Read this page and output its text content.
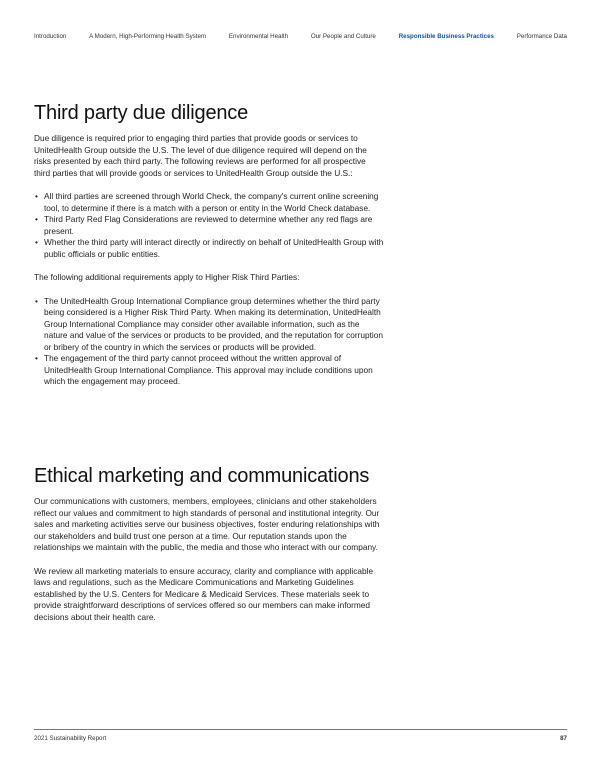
Introduction	A Modern, High-Performing Health System	Environmental Health	Our People and Culture	Responsible Business Practices	Performance Data
Third party due diligence

Due diligence is required prior to engaging third parties that provide goods or services to UnitedHealth Group outside the U.S. The level of due diligence required will depend on the risks presented by each third party. The following reviews are performed for all prospective third parties that will provide goods or services to UnitedHealth Group outside the U.S.:

• All third parties are screened through World Check, the company's current online screening tool, to determine if there is a match with a person or entity in the World Check database.
• Third Party Red Flag Considerations are reviewed to determine whether any red flags are present.
• Whether the third party will interact directly or indirectly on behalf of UnitedHealth Group with public officials or public entities.

The following additional requirements apply to Higher Risk Third Parties:

• The UnitedHealth Group International Compliance group determines whether the third party being considered is a Higher Risk Third Party. When making its determination, UnitedHealth Group International Compliance may consider other available information, such as the nature and value of the services or products to be provided, and the reputation for corruption or bribery of the country in which the services or products will be provided.
• The engagement of the third party cannot proceed without the written approval of UnitedHealth Group International Compliance. This approval may include conditions upon which the engagement may proceed.
Ethical marketing and communications

Our communications with customers, members, employees, clinicians and other stakeholders reflect our values and commitment to high standards of personal and institutional integrity. Our sales and marketing activities serve our business objectives, foster enduring relationships with our stakeholders and build trust one person at a time. Our reputation stands upon the relationships we maintain with the public, the media and those who interact with our company.

We review all marketing materials to ensure accuracy, clarity and compliance with applicable laws and regulations, such as the Medicare Communications and Marketing Guidelines established by the U.S. Centers for Medicare & Medicaid Services. These materials seek to provide straightforward descriptions of services offered so our members can make informed decisions about their health care.

2021 Sustainability Report	87
